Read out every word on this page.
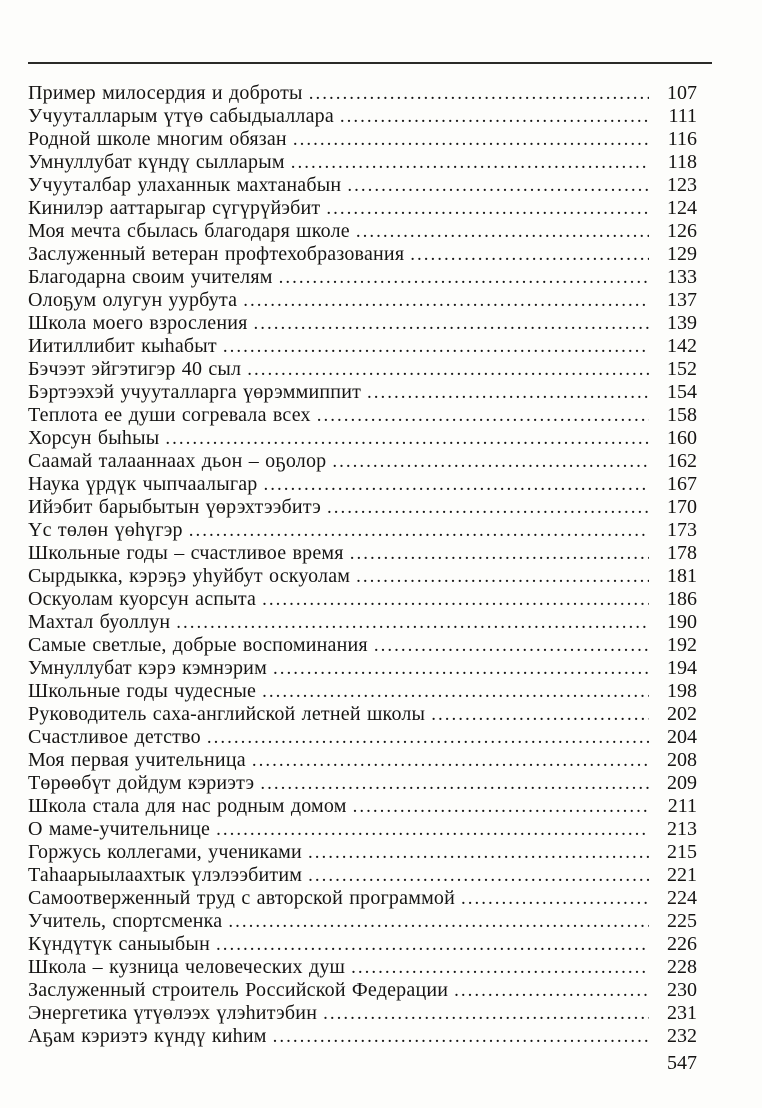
Пример милосердия и доброты .....	107
Учууталларым үтүө сабыдыаллара .....	111
Родной школе многим обязан .....	116
Умнуллубат күндү сылларым .....	118
Учууталбар улаханнык махтанабын .....	123
Кинилэр ааттарыгар сүгүрүйэбит .....	124
Моя мечта сбылась благодаря школе .....	126
Заслуженный ветеран профтехобразования .....	129
Благодарна своим учителям .....	133
Олоҕум олугун уурбута .....	137
Школа моего взросления .....	139
Иитиллибит кыһабыт .....	142
Бэчээт эйгэтигэр 40 сыл .....	152
Бэртээхэй учууталларга үөрэммиппит .....	154
Теплота ее души согревала всех .....	158
Хорсун быһыы .....	160
Саамай талааннаах дьон – оҕолор .....	162
Наука үрдүк чыпчаалыгар .....	167
Ийэбит барыбытын үөрэхтээбитэ .....	170
Үс төлөн үөһүгэр .....	173
Школьные годы – счастливое время .....	178
Сырдыкка, кэрэҕэ уһуйбут оскуолам .....	181
Оскуолам куорсун аспыта .....	186
Махтал буоллун .....	190
Самые светлые, добрые воспоминания .....	192
Умнуллубат кэрэ кэмнэрим .....	194
Школьные годы чудесные .....	198
Руководитель саха-английской летней школы .....	202
Счастливое детство .....	204
Моя первая учительница .....	208
Төрөөбүт дойдум кэриэтэ .....	209
Школа стала для нас родным домом .....	211
О маме-учительнице .....	213
Горжусь коллегами, учениками .....	215
Таһаарыылаахтык үлэлээбитим .....	221
Самоотверженный труд с авторской программой .....	224
Учитель, спортсменка .....	225
Күндүтүк саныыбын .....	226
Школа – кузница человеческих душ .....	228
Заслуженный строитель Российской Федерации .....	230
Энергетика үтүөлээх үлэһитэбин .....	231
Аҕам кэриэтэ күндү киһим .....	232
547
